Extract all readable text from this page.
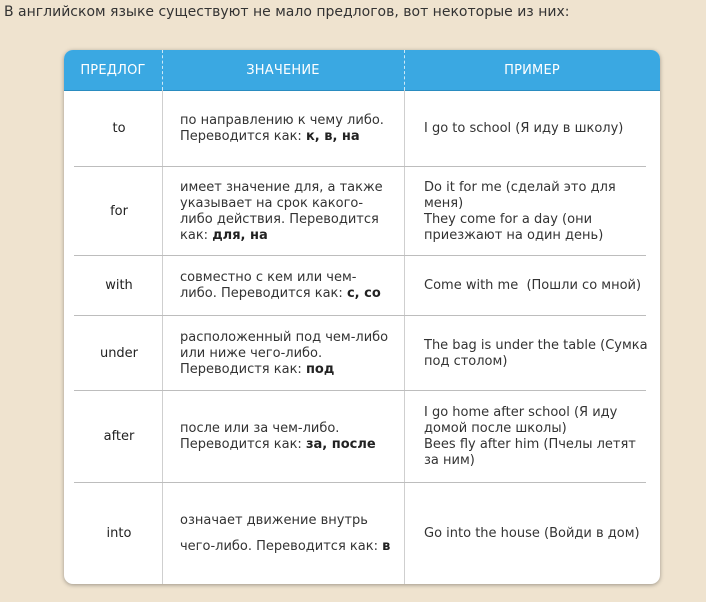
В английском языке существуют не мало предлогов, вот некоторые из них:
ПРЕДЛОГ	ЗНАЧЕНИЕ	ПРИМЕР
to
по направлению к чему либо. Переводится как: к, в, на
I go to school (Я иду в школу)
for
имеет значение для, а также указывает на срок какого-либо действия. Переводится как: для, на
Do it for me (сделай это для меня)
They come for a day (они приезжают на один день)
with
совместно с кем или чем-либо. Переводится как: с, со
Come with me  (Пошли со мной)
under
расположенный под чем-либо или ниже чего-либо. Переводистя как: под
The bag is under the table (Сумка под столом)
after
после или за чем-либо. Переводится как: за, после
I go home after school (Я иду домой после школы)
Bees fly after him (Пчелы летят за ним)
into
означает движение внутрь чего-либо. Переводится как: в
Go into the house (Войди в дом)
